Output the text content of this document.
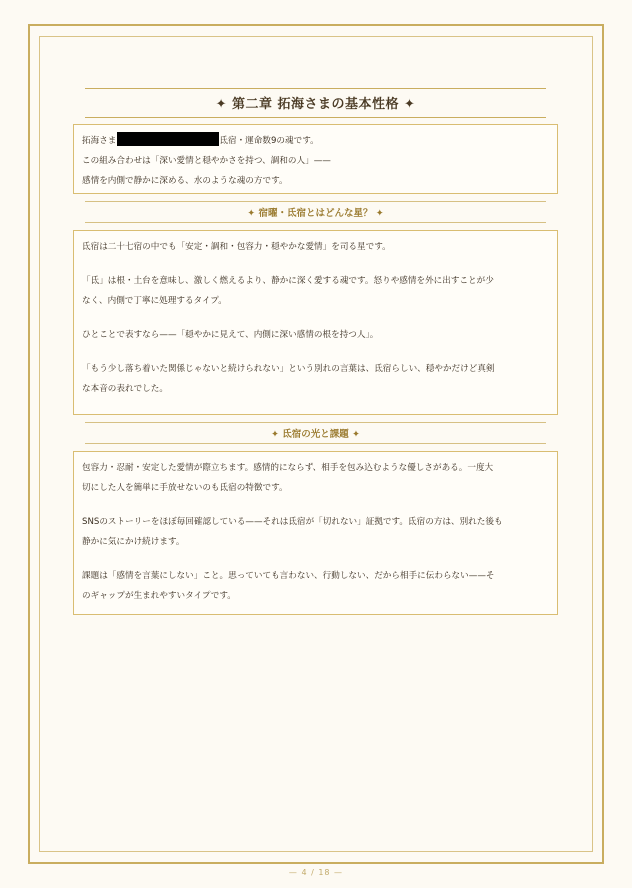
✦ 第二章 拓海さまの基本性格 ✦

拓海さま	氐宿・運命数9の魂です。

この組み合わせは「深い愛情と穏やかさを持つ、調和の人」——

感情を内側で静かに深める、水のような魂の方です。

✦ 宿曜・氐宿とはどんな星？ ✦

氐宿は二十七宿の中でも「安定・調和・包容力・穏やかな愛情」を司る星です。

「氐」は根・土台を意味し、激しく燃えるより、静かに深く愛する魂です。怒りや感情を外に出すことが少

なく、内側で丁寧に処理するタイプ。

ひとことで表すなら——「穏やかに見えて、内側に深い感情の根を持つ人」。

「もう少し落ち着いた関係じゃないと続けられない」という別れの言葉は、氐宿らしい、穏やかだけど真剣

な本音の表れでした。

✦ 氐宿の光と課題 ✦

包容力・忍耐・安定した愛情が際立ちます。感情的にならず、相手を包み込むような優しさがある。一度大

切にした人を簡単に手放せないのも氐宿の特徴です。

SNSのストーリーをほぼ毎回確認している——それは氐宿が「切れない」証拠です。氐宿の方は、別れた後も

静かに気にかけ続けます。

課題は「感情を言葉にしない」こと。思っていても言わない、行動しない、だから相手に伝わらない——そ

のギャップが生まれやすいタイプです。

— 4 / 18 —
